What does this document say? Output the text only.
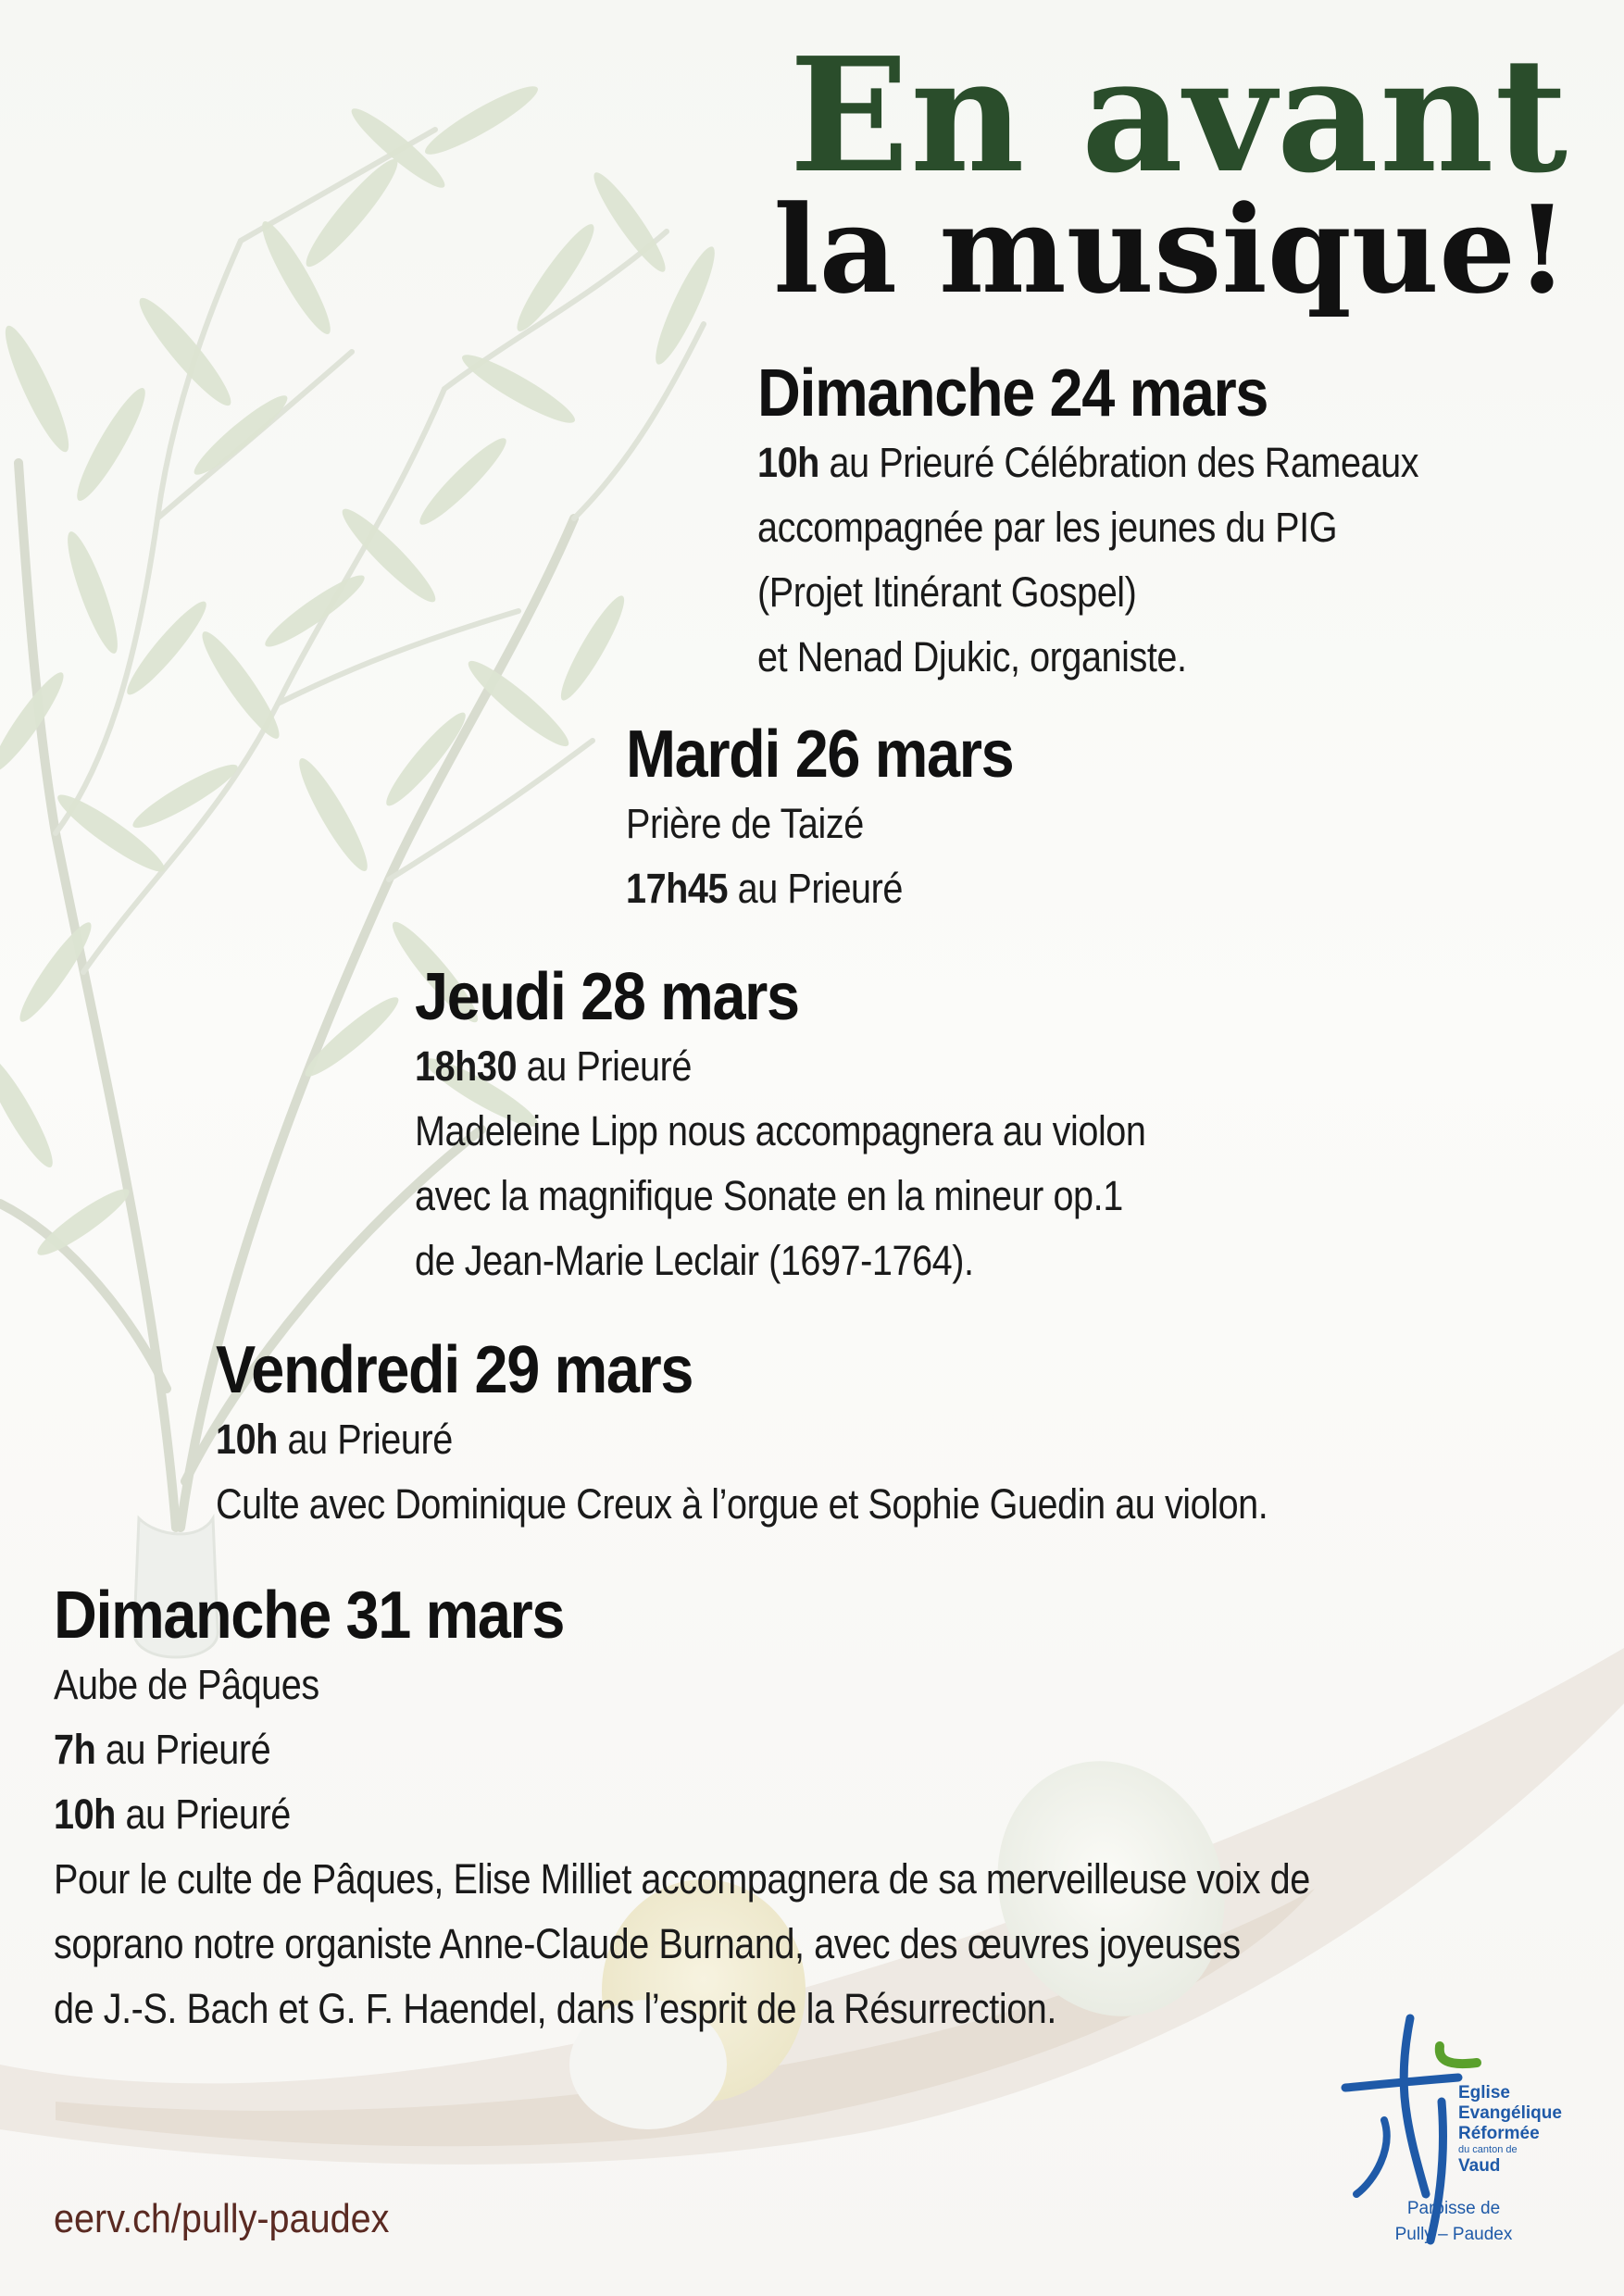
En avant
la musique!
Dimanche 24 mars
10h au Prieuré Célébration des Rameaux
accompagnée par les jeunes du PIG
(Projet Itinérant Gospel)
et Nenad Djukic, organiste.
Mardi 26 mars
Prière de Taizé
17h45 au Prieuré
Jeudi 28 mars
18h30 au Prieuré
Madeleine Lipp nous accompagnera au violon
avec la magnifique Sonate en la mineur op.1
de Jean-Marie Leclair (1697-1764).
Vendredi 29 mars
10h au Prieuré
Culte avec Dominique Creux à l’orgue et Sophie Guedin au violon.
Dimanche 31 mars
Aube de Pâques
7h au Prieuré
10h au Prieuré
Pour le culte de Pâques, Elise Milliet accompagnera de sa merveilleuse voix de
soprano notre organiste Anne-Claude Burnand, avec des œuvres joyeuses
de J.-S. Bach et G. F. Haendel, dans l’esprit de la Résurrection.
eerv.ch/pully-paudex
Eglise
Evangélique
Réformée
du canton de
Vaud
Paroisse de
Pully – Paudex
